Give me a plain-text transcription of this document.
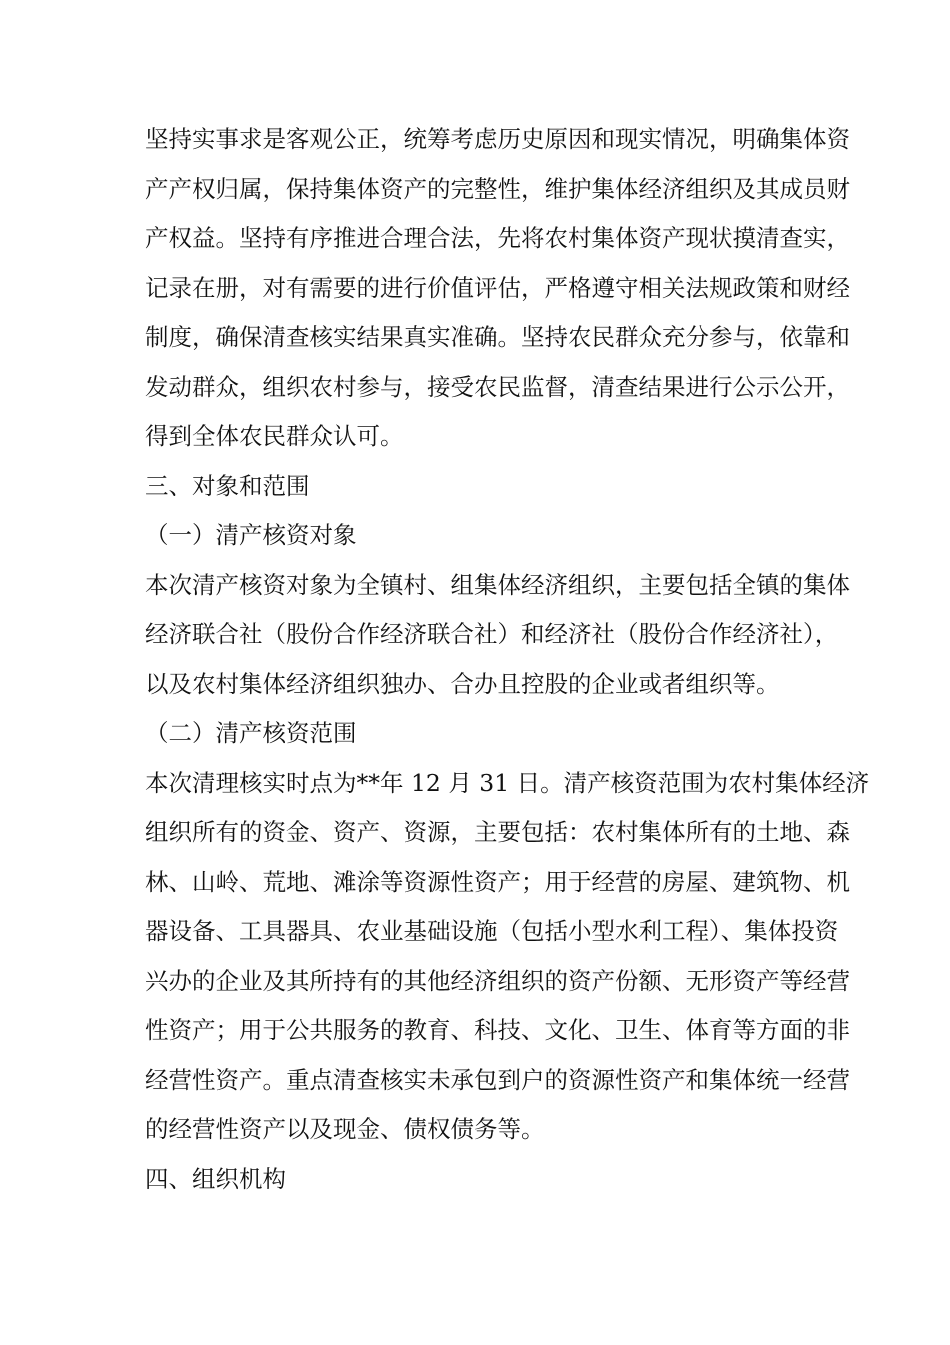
坚持实事求是客观公正，统筹考虑历史原因和现实情况，明确集体资
产产权归属，保持集体资产的完整性，维护集体经济组织及其成员财
产权益。坚持有序推进合理合法，先将农村集体资产现状摸清查实，
记录在册，对有需要的进行价值评估，严格遵守相关法规政策和财经
制度，确保清查核实结果真实准确。坚持农民群众充分参与，依靠和
发动群众，组织农村参与，接受农民监督，清查结果进行公示公开，
得到全体农民群众认可。
三、对象和范围
（一）清产核资对象
本次清产核资对象为全镇村、组集体经济组织，主要包括全镇的集体
经济联合社（股份合作经济联合社）和经济社（股份合作经济社），
以及农村集体经济组织独办、合办且控股的企业或者组织等。
（二）清产核资范围
本次清理核实时点为**年 12 月 31 日。清产核资范围为农村集体经济
组织所有的资金、资产、资源，主要包括：农村集体所有的土地、森
林、山岭、荒地、滩涂等资源性资产；用于经营的房屋、建筑物、机
器设备、工具器具、农业基础设施（包括小型水利工程）、集体投资
兴办的企业及其所持有的其他经济组织的资产份额、无形资产等经营
性资产；用于公共服务的教育、科技、文化、卫生、体育等方面的非
经营性资产。重点清查核实未承包到户的资源性资产和集体统一经营
的经营性资产以及现金、债权债务等。
四、组织机构
